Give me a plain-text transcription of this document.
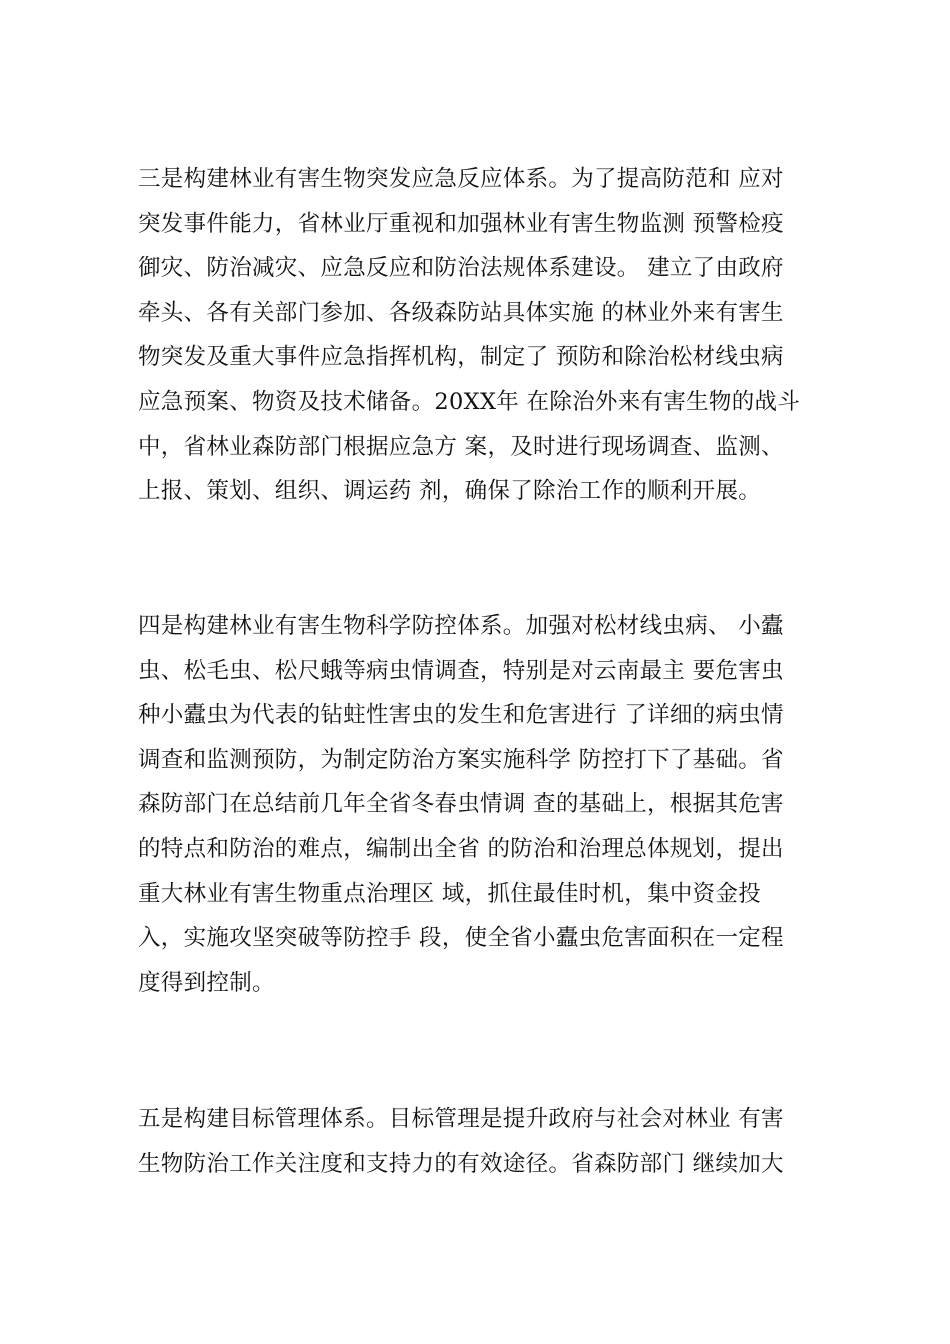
三是构建林业有害生物突发应急反应体系。为了提高防范和 应对
突发事件能力，省林业厅重视和加强林业有害生物监测 预警检疫
御灾、防治减灾、应急反应和防治法规体系建设。 建立了由政府
牵头、各有关部门参加、各级森防站具体实施 的林业外来有害生
物突发及重大事件应急指挥机构，制定了 预防和除治松材线虫病
应急预案、物资及技术储备。20XX年 在除治外来有害生物的战斗
中，省林业森防部门根据应急方 案，及时进行现场调查、监测、
上报、策划、组织、调运药 剂，确保了除治工作的顺利开展。
四是构建林业有害生物科学防控体系。加强对松材线虫病、 小蠹
虫、松毛虫、松尺蛾等病虫情调查，特别是对云南最主 要危害虫
种小蠹虫为代表的钻蛀性害虫的发生和危害进行 了详细的病虫情
调查和监测预防，为制定防治方案实施科学 防控打下了基础。省
森防部门在总结前几年全省冬春虫情调 查的基础上，根据其危害
的特点和防治的难点，编制出全省 的防治和治理总体规划，提出
重大林业有害生物重点治理区 域，抓住最佳时机，集中资金投
入，实施攻坚突破等防控手 段，使全省小蠹虫危害面积在一定程
度得到控制。
五是构建目标管理体系。目标管理是提升政府与社会对林业 有害
生物防治工作关注度和支持力的有效途径。省森防部门 继续加大
